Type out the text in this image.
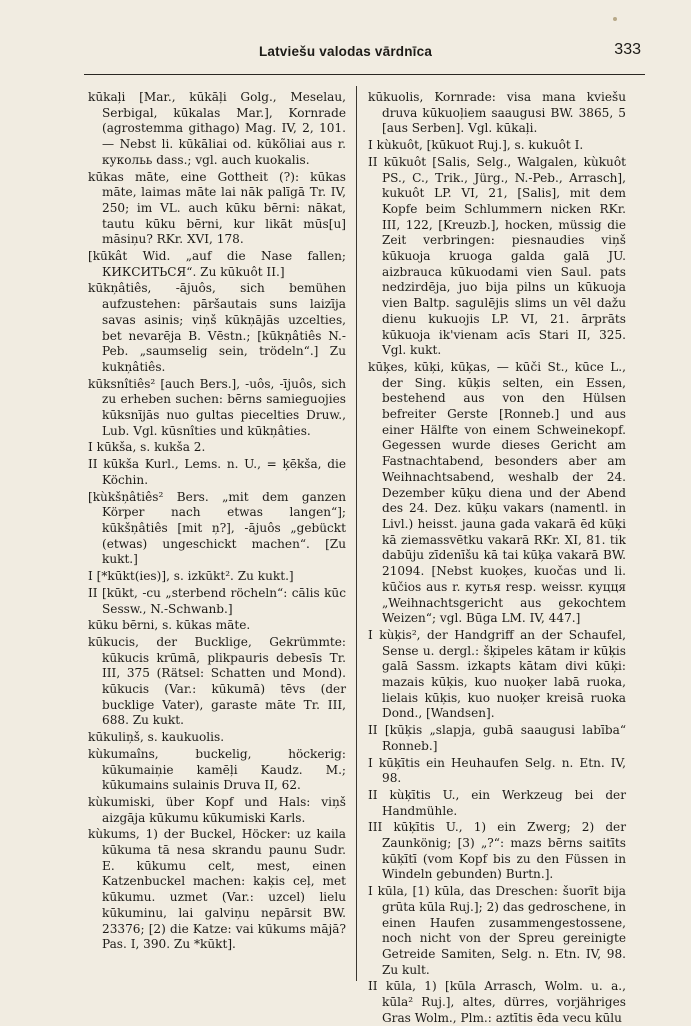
Latviešu valodas vārdnīca	333

kūkaļi [Mar., kūkāļi Golg., Meselau, Serbigal, kūkalas Mar.], Kornrade (agrostemma githago) Mag. IV, 2, 101. — Nebst li. kūkāliai od. kūkõliai aus r. кукольь dass.; vgl. auch kuokalis.

kūkas māte, eine Gottheit (?): kūkas māte, laimas māte lai nāk palīgā Tr. IV, 250; im VL. auch kūku bērni: nākat, tautu kūku bērni, kur likāt mūs[u] māsiņu? RKr. XVI, 178.

[kūkât Wid. „auf die Nase fallen; КИКСИТЬСЯ“. Zu kūkuôt II.]

kūkņâtiês, -ājuôs, sich bemühen aufzustehen: pāršautais suns laizīja savas asinis; viņš kūkņājās uzcelties, bet nevarēja B. Vēstn.; [kūkņâtiês N.-Peb. „saumselig sein, trödeln“.] Zu kukņâtiês.

kūksnîtiês² [auch Bers.], -uôs, -ījuôs, sich zu erheben suchen: bērns samieguojies kūksnījās nuo gultas piecelties Druw., Lub. Vgl. kūsnîties und kūkņâties.

I kūkša, s. kukša 2.

II kūkša Kurl., Lems. n. U., = ķēkša, die Köchin.

[kùkšņâtiês² Bers. „mit dem ganzen Körper nach etwas langen“]; kūkšņâtiês [mit ņ?], -ājuôs „gebückt (etwas) ungeschickt machen“. [Zu kukt.]

I [*kūkt(ies)], s. izkūkt². Zu kukt.]

II [kūkt, -cu „sterbend röcheln“: cālis kūc Sessw., N.-Schwanb.]

kūku bērni, s. kūkas māte.

kūkucis, der Bucklige, Gekrümmte: kūkucis krūmā, plikpauris debesīs Tr. III, 375 (Rätsel: Schatten und Mond). kūkucis (Var.: kūkumā) tēvs (der bucklige Vater), garaste māte Tr. III, 688. Zu kukt.

kūkuliņš, s. kaukuolis.

kùkumaîns, buckelig, höckerig: kūkumaiņie kamēļi Kaudz. M.; kūkumains sulainis Druva II, 62.

kùkumiski, über Kopf und Hals: viņš aizgāja kūkumu kūkumiski Karls.

kùkums, 1) der Buckel, Höcker: uz kaila kūkuma tā nesa skrandu paunu Sudr. E. kūkumu celt, mest, einen Katzenbuckel machen: kaķis ceļ, met kūkumu. uzmet (Var.: uzcel) lielu kūkuminu, lai galviņu nepārsit BW. 23376; [2) die Katze: vai kūkums mājā? Pas. I, 390. Zu *kūkt].

kūkuolis, Kornrade: visa mana kviešu druva kūkuoļiem saaugusi BW. 3865, 5 [aus Serben]. Vgl. kūkaļi.

I kùkuôt, [kūkuot Ruj.], s. kukuôt I.

II kūkuôt [Salis, Selg., Walgalen, kùkuôt PS., C., Trik., Jürg., N.-Peb., Arrasch], kukuôt LP. VI, 21, [Salis], mit dem Kopfe beim Schlummern nicken RKr. III, 122, [Kreuzb.], hocken, müssig die Zeit verbringen: piesnaudies viņš kūkuoja kruoga galda galā JU. aizbrauca kūkuodami vien Saul. pats nedzirdēja, juo bija pilns un kūkuoja vien Baltp. sagulējis slims un vēl dažu dienu kukuojis LP. VI, 21. ārprāts kūkuoja ik'vienam acīs Stari II, 325. Vgl. kukt.

kūķes, kūķi, kūķas, — kūči St., kūce L., der Sing. kūķis selten, ein Essen, bestehend aus von den Hülsen befreiter Gerste [Ronneb.] und aus einer Hälfte von einem Schweinekopf. Gegessen wurde dieses Gericht am Fastnachtabend, besonders aber am Weihnachtsabend, weshalb der 24. Dezember kūķu diena und der Abend des 24. Dez. kūķu vakars (namentl. in Livl.) heisst. jauna gada vakarā ēd kūķi kā ziemassvētku vakarā RKr. XI, 81. tik dabūju zīdenīšu kā tai kūķa vakarā BW. 21094. [Nebst kuoķes, kuočas und li. kūčios aus r. кутья resp. weissr. куцця „Weihnachtsgericht aus gekochtem Weizen“; vgl. Būga LM. IV, 447.]

I kùķis², der Handgriff an der Schaufel, Sense u. dergl.: šķipeles kātam ir kūķis galā Sassm. izkapts kātam divi kūķi: mazais kūķis, kuo nuoķer labā ruoka, lielais kūķis, kuo nuoķer kreisā ruoka Dond., [Wandsen].

II [kūķis „slapja, gubā saaugusi labība“ Ronneb.]

I kūķītis ein Heuhaufen Selg. n. Etn. IV, 98.

II kùķītis U., ein Werkzeug bei der Handmühle.

III kūķītis U., 1) ein Zwerg; 2) der Zaunkönig; [3) „?“: mazs bērns saitīts kūķītī (vom Kopf bis zu den Füssen in Windeln gebunden) Burtn.].

I kūla, [1) kūla, das Dreschen: šuorīt bija grūta kūla Ruj.]; 2) das gedroschene, in einen Haufen zusammengestossene, noch nicht von der Spreu gereinigte Getreide Samiten, Selg. n. Etn. IV, 98. Zu kult.

II kūla, 1) [kūla Arrasch, Wolm. u. a., kūla² Ruj.], altes, dürres, vorjähriges Gras Wolm., Plm.: aztītis ēda vecu kūlu
